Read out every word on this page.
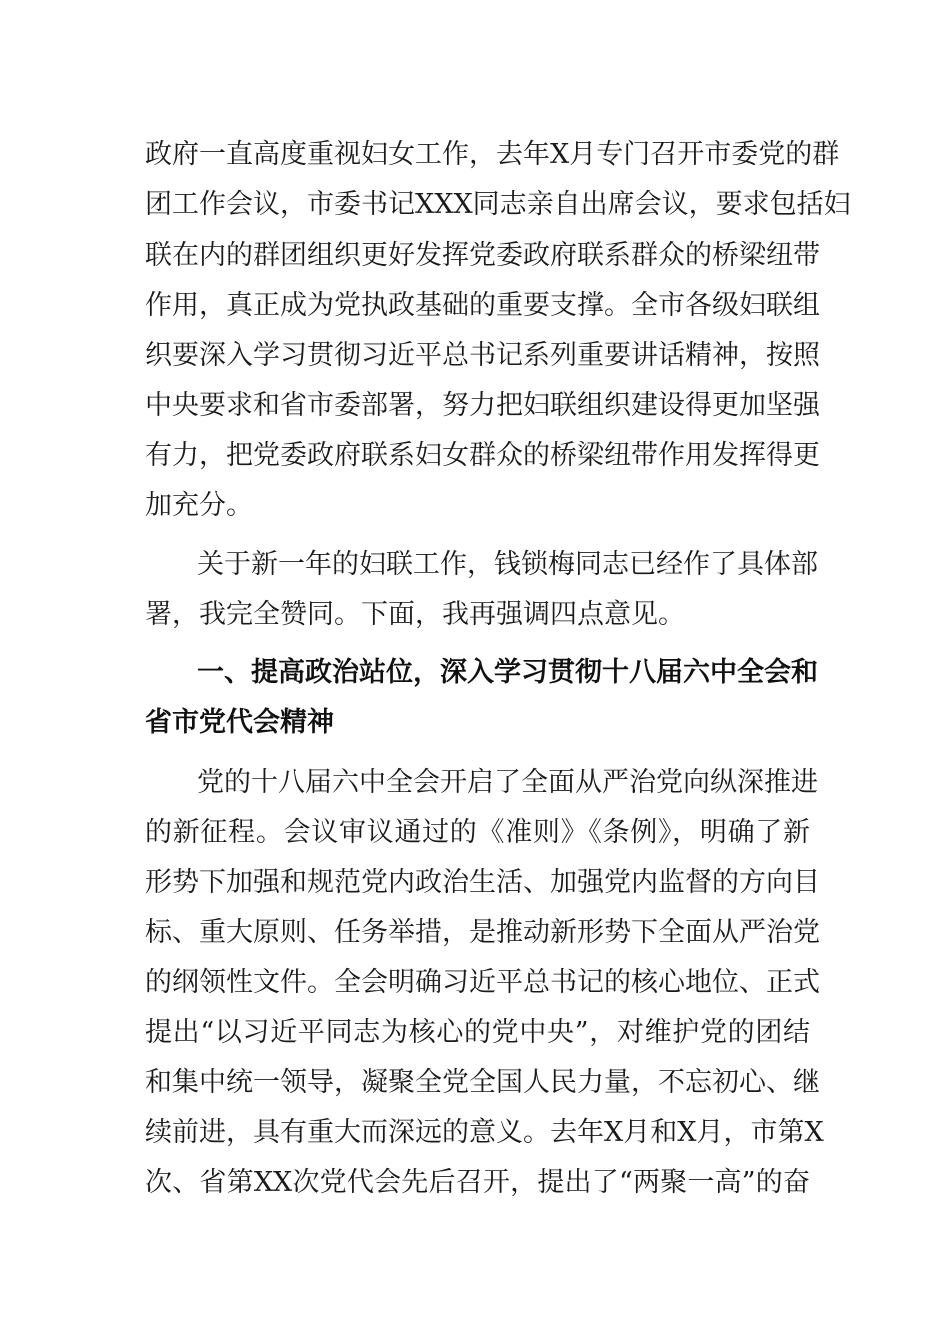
政府一直高度重视妇女工作，去年X月专门召开市委党的群
团工作会议，市委书记XXX同志亲自出席会议，要求包括妇
联在内的群团组织更好发挥党委政府联系群众的桥梁纽带
作用，真正成为党执政基础的重要支撑。全市各级妇联组
织要深入学习贯彻习近平总书记系列重要讲话精神，按照
中央要求和省市委部署，努力把妇联组织建设得更加坚强
有力，把党委政府联系妇女群众的桥梁纽带作用发挥得更
加充分。
关于新一年的妇联工作，钱锁梅同志已经作了具体部
署，我完全赞同。下面，我再强调四点意见。
一、提高政治站位，深入学习贯彻十八届六中全会和
省市党代会精神
党的十八届六中全会开启了全面从严治党向纵深推进
的新征程。会议审议通过的《准则》《条例》，明确了新
形势下加强和规范党内政治生活、加强党内监督的方向目
标、重大原则、任务举措，是推动新形势下全面从严治党
的纲领性文件。全会明确习近平总书记的核心地位、正式
提出“以习近平同志为核心的党中央”，对维护党的团结
和集中统一领导，凝聚全党全国人民力量，不忘初心、继
续前进，具有重大而深远的意义。去年X月和X月，市第X
次、省第XX次党代会先后召开，提出了“两聚一高”的奋
